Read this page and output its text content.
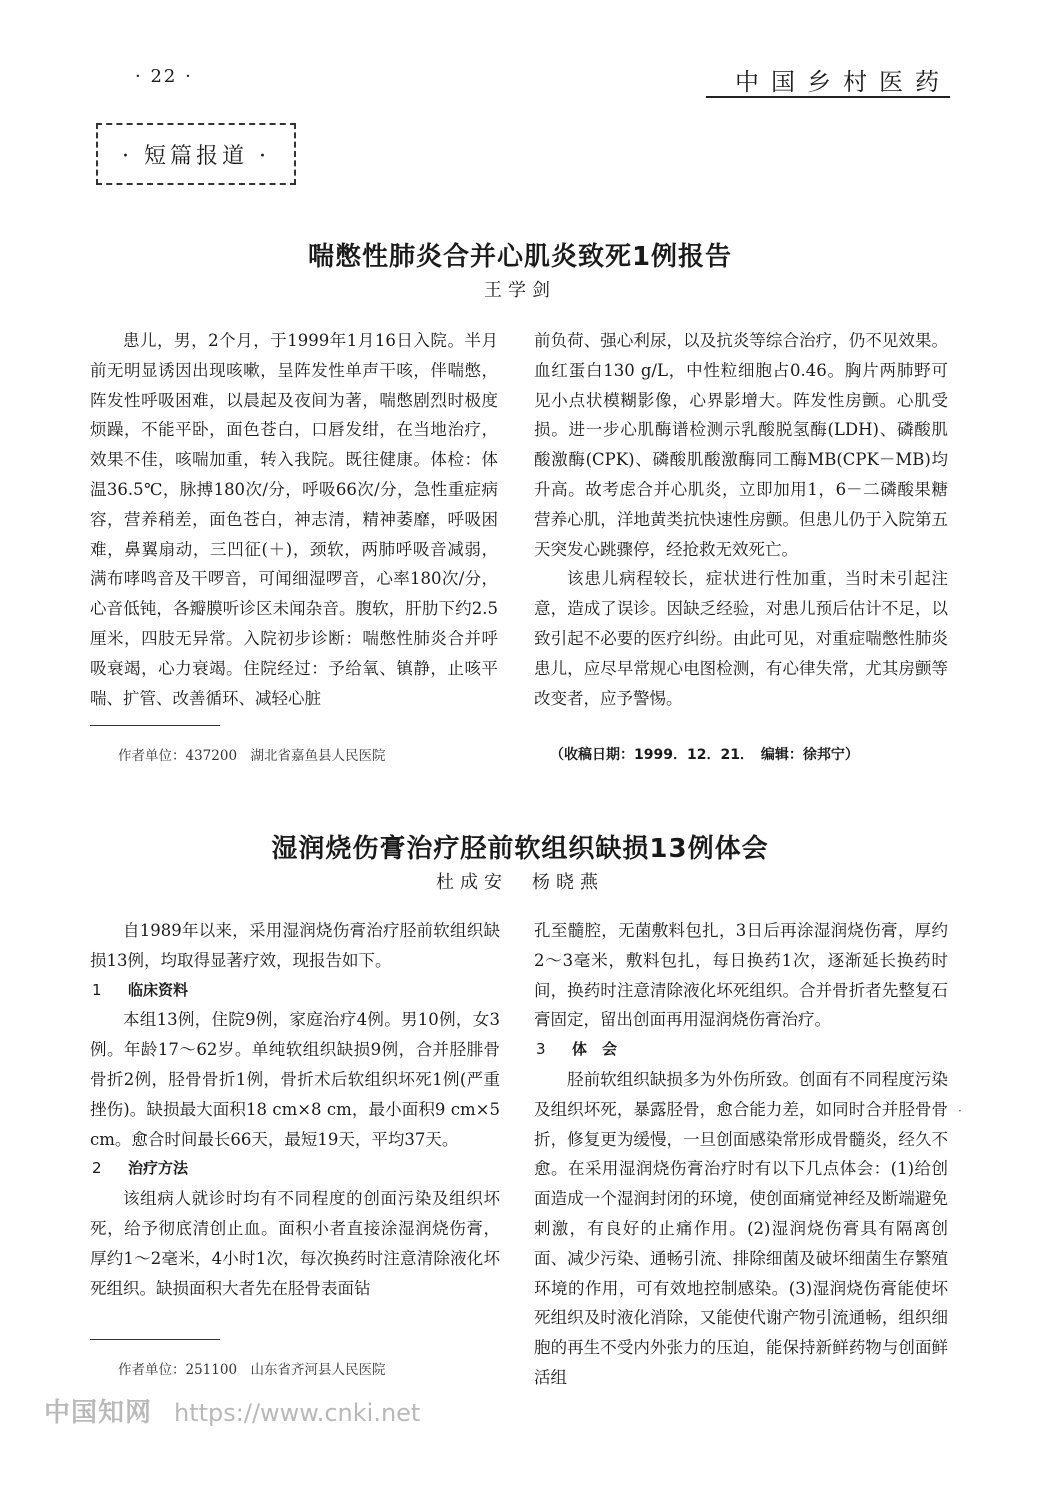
· 22 ·	中国乡村医药
· 短篇报道 ·
喘憋性肺炎合并心肌炎致死1例报告
王学剑

患儿，男，2个月，于1999年1月16日入院。半月前无明显诱因出现咳嗽，呈阵发性单声干咳，伴喘憋，阵发性呼吸困难，以晨起及夜间为著，喘憋剧烈时极度烦躁，不能平卧，面色苍白，口唇发绀，在当地治疗，效果不佳，咳喘加重，转入我院。既往健康。体检：体温36.5℃，脉搏180次/分，呼吸66次/分，急性重症病容，营养稍差，面色苍白，神志清，精神萎靡，呼吸困难，鼻翼扇动，三凹征(＋)，颈软，两肺呼吸音减弱，满布哮鸣音及干啰音，可闻细湿啰音，心率180次/分，心音低钝，各瓣膜听诊区未闻杂音。腹软，肝肋下约2.5厘米，四肢无异常。入院初步诊断：喘憋性肺炎合并呼吸衰竭，心力衰竭。住院经过：予给氧、镇静，止咳平喘、扩管、改善循环、减轻心脏

前负荷、强心利尿，以及抗炎等综合治疗，仍不见效果。血红蛋白130 g/L，中性粒细胞占0.46。胸片两肺野可见小点状模糊影像，心界影增大。阵发性房颤。心肌受损。进一步心肌酶谱检测示乳酸脱氢酶(LDH)、磷酸肌酸激酶(CPK)、磷酸肌酸激酶同工酶MB(CPK－MB)均升高。故考虑合并心肌炎，立即加用1，6－二磷酸果糖营养心肌，洋地黄类抗快速性房颤。但患儿仍于入院第五天突发心跳骤停，经抢救无效死亡。

该患儿病程较长，症状进行性加重，当时未引起注意，造成了误诊。因缺乏经验，对患儿预后估计不足，以致引起不必要的医疗纠纷。由此可见，对重症喘憋性肺炎患儿，应尽早常规心电图检测，有心律失常，尤其房颤等改变者，应予警惕。

作者单位：437200　湖北省嘉鱼县人民医院	（收稿日期：1999．12．21．　编辑：徐邦宁）
湿润烧伤膏治疗胫前软组织缺损13例体会
杜成安　杨晓燕

自1989年以来，采用湿润烧伤膏治疗胫前软组织缺损13例，均取得显著疗效，现报告如下。

1 临床资料

本组13例，住院9例，家庭治疗4例。男10例，女3例。年龄17～62岁。单纯软组织缺损9例，合并胫腓骨骨折2例，胫骨骨折1例，骨折术后软组织坏死1例(严重挫伤)。缺损最大面积18 cm×8 cm，最小面积9 cm×5 cm。愈合时间最长66天，最短19天，平均37天。

2 治疗方法

该组病人就诊时均有不同程度的创面污染及组织坏死，给予彻底清创止血。面积小者直接涂湿润烧伤膏，厚约1～2毫米，4小时1次，每次换药时注意清除液化坏死组织。缺损面积大者先在胫骨表面钻

孔至髓腔，无菌敷料包扎，3日后再涂湿润烧伤膏，厚约2～3毫米，敷料包扎，每日换药1次，逐渐延长换药时间，换药时注意清除液化坏死组织。合并骨折者先整复石膏固定，留出创面再用湿润烧伤膏治疗。

3 体　会

胫前软组织缺损多为外伤所致。创面有不同程度污染及组织坏死，暴露胫骨，愈合能力差，如同时合并胫骨骨折，修复更为缓慢，一旦创面感染常形成骨髓炎，经久不愈。在采用湿润烧伤膏治疗时有以下几点体会：(1)给创面造成一个湿润封闭的环境，使创面痛觉神经及断端避免刺激，有良好的止痛作用。(2)湿润烧伤膏具有隔离创面、减少污染、通畅引流、排除细菌及破坏细菌生存繁殖环境的作用，可有效地控制感染。(3)湿润烧伤膏能使坏死组织及时液化消除，又能使代谢产物引流通畅，组织细胞的再生不受内外张力的压迫，能保持新鲜药物与创面鲜活组

·
作者单位：251100　山东省齐河县人民医院
中国知网 https://www.cnki.net
